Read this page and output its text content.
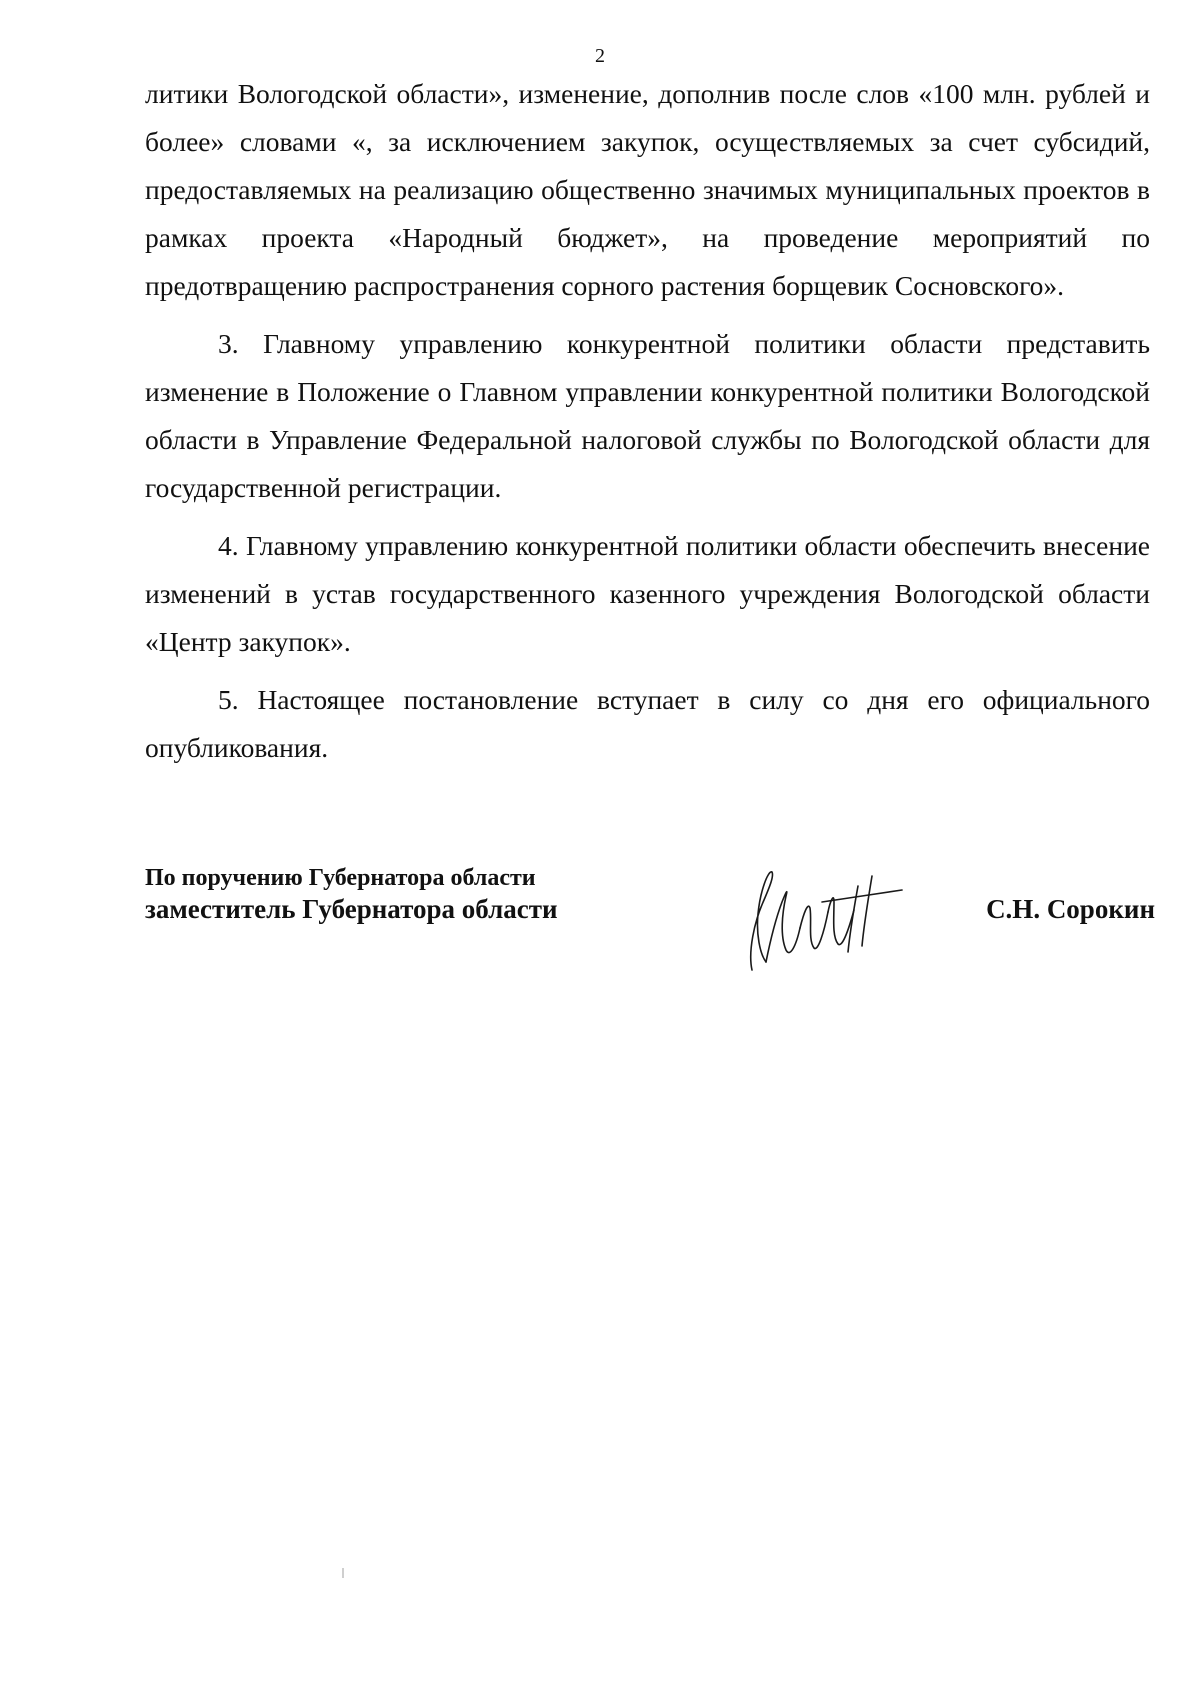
2

литики Вологодской области», изменение, дополнив после слов «100 млн. рублей и более» словами «, за исключением закупок, осуществляемых за счет субсидий, предоставляемых на реализацию общественно значимых муниципальных проектов в рамках проекта «Народный бюджет», на проведение мероприятий по предотвращению распространения сорного растения борщевик Сосновского».

3. Главному управлению конкурентной политики области представить изменение в Положение о Главном управлении конкурентной политики Вологодской области в Управление Федеральной налоговой службы по Вологодской области для государственной регистрации.

4. Главному управлению конкурентной политики области обеспечить внесение изменений в устав государственного казенного учреждения Вологодской области «Центр закупок».

5. Настоящее постановление вступает в силу со дня его официального опубликования.

По поручению Губернатора области
заместитель Губернатора области	С.Н. Сорокин
